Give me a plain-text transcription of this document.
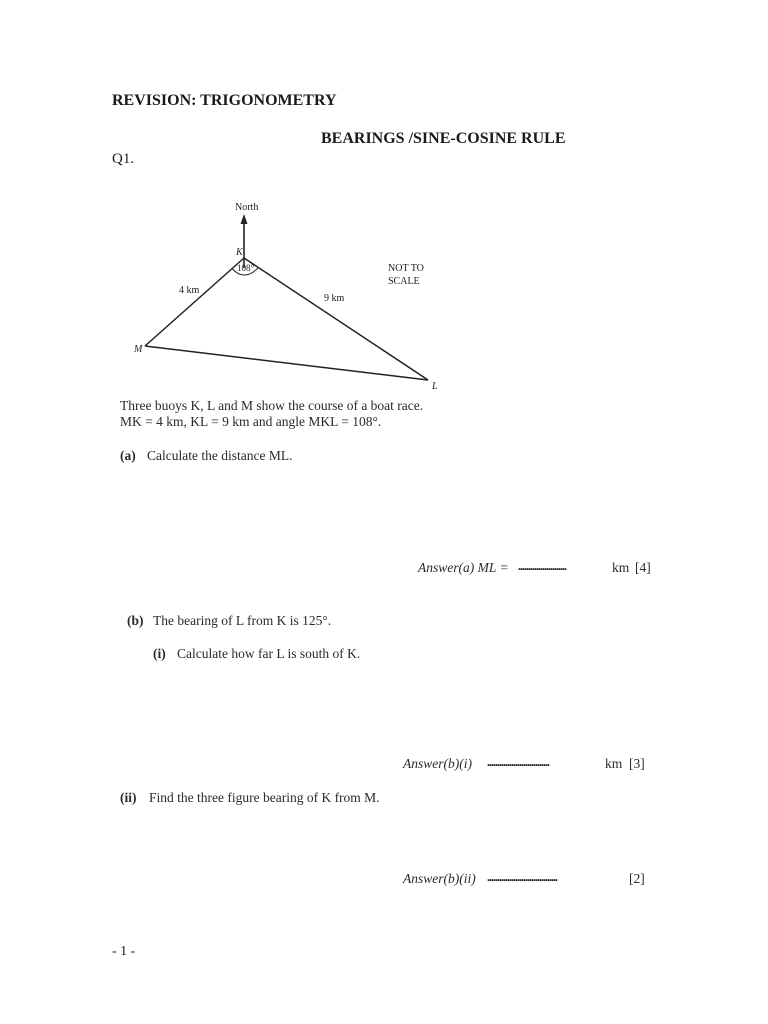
REVISION: TRIGONOMETRY
BEARINGS /SINE-COSINE RULE
Q1.
North
K
108°
4 km
9 km
NOT TO
SCALE
M
L
Three buoys K, L and M show the course of a boat race.
MK = 4 km, KL = 9 km and angle MKL = 108°.
(a) Calculate the distance ML.
Answer(a) ML = ........................	km [4]
(b) The bearing of L from K is 125°.
(i) Calculate how far L is south of K.
Answer(b)(i) ...............................	km [3]
(ii) Find the three figure bearing of K from M.
Answer(b)(ii) ...................................	[2]
- 1 -
